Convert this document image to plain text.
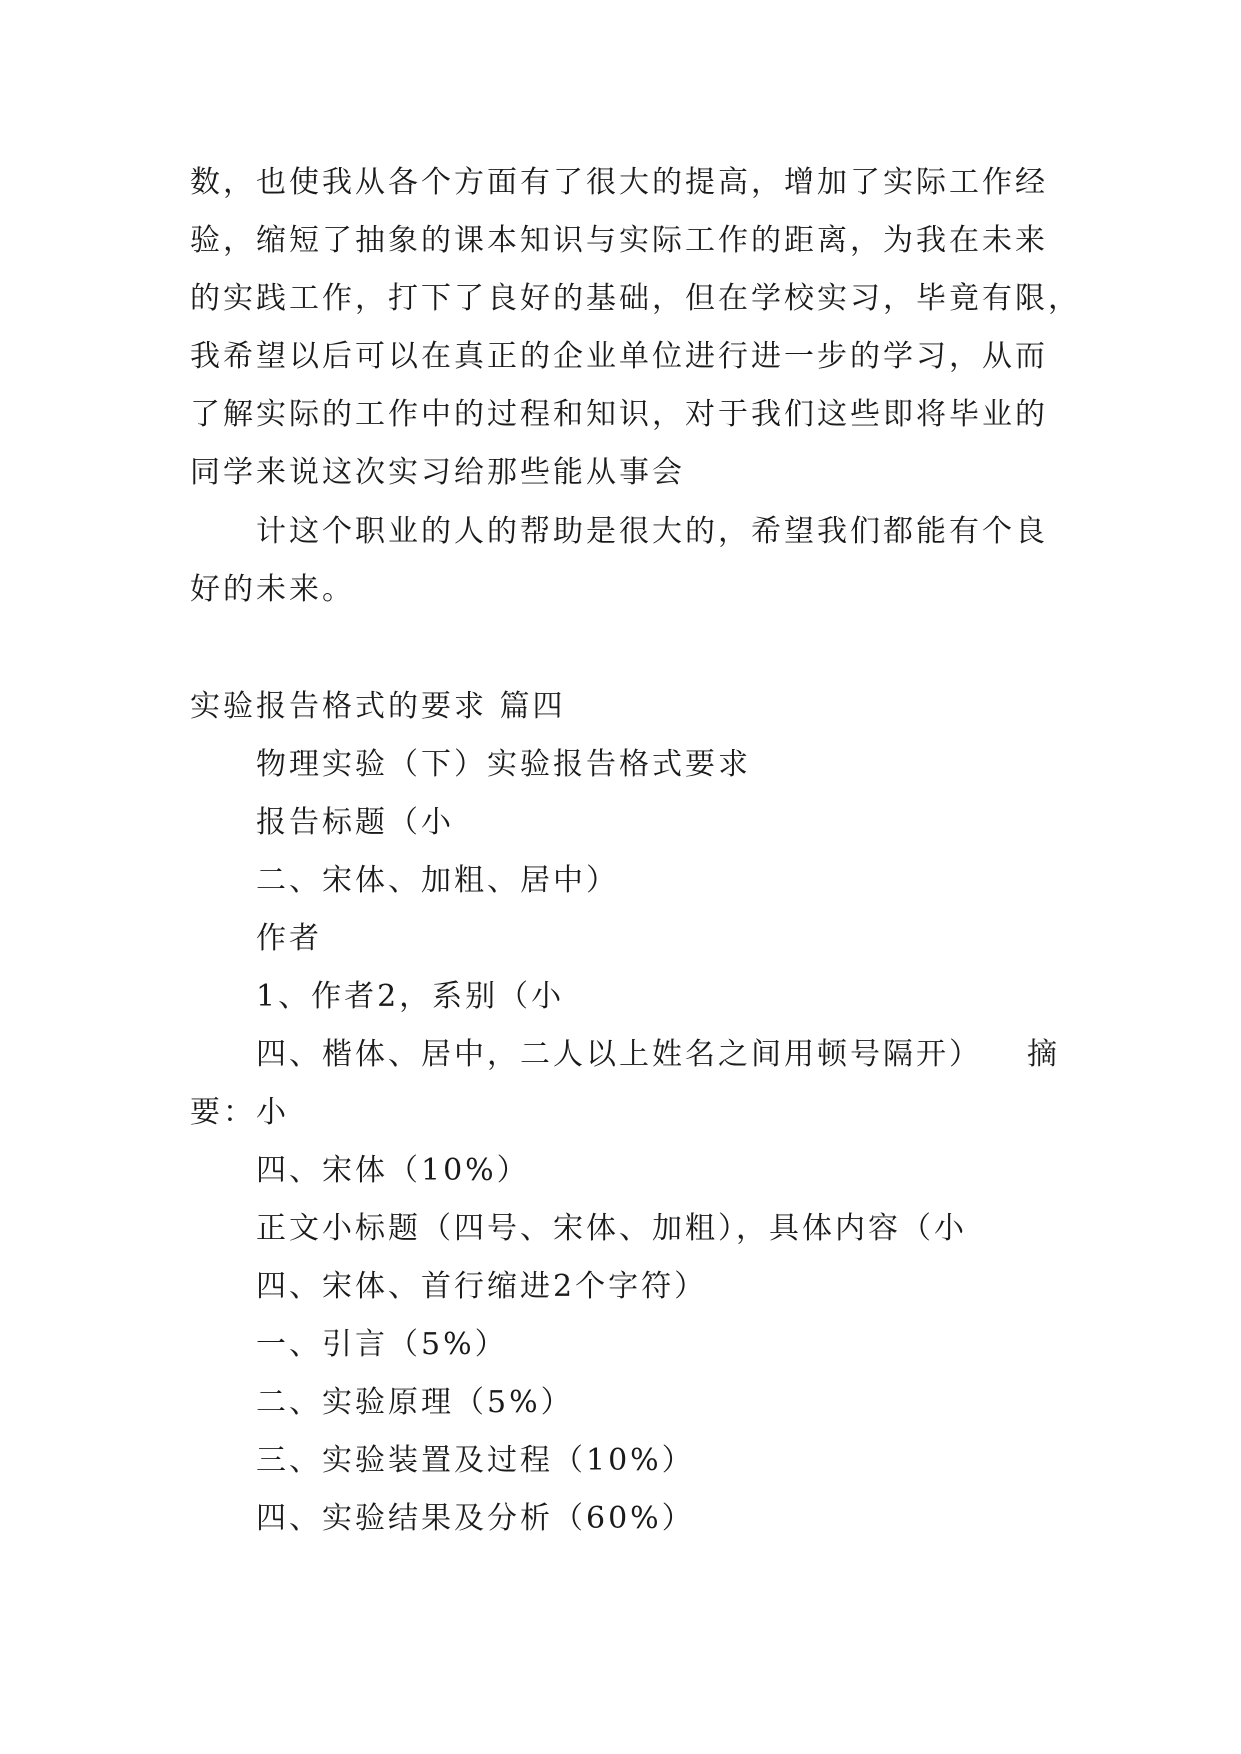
数，也使我从各个方面有了很大的提高，增加了实际工作经
验，缩短了抽象的课本知识与实际工作的距离，为我在未来
的实践工作，打下了良好的基础，但在学校实习，毕竟有限，
我希望以后可以在真正的企业单位进行进一步的学习，从而
了解实际的工作中的过程和知识，对于我们这些即将毕业的
同学来说这次实习给那些能从事会
计这个职业的人的帮助是很大的，希望我们都能有个良
好的未来。
实验报告格式的要求 篇四
物理实验（下）实验报告格式要求
报告标题（小
二、宋体、加粗、居中）
作者
1、作者2，系别（小
四、楷体、居中，二人以上姓名之间用顿号隔开） 摘
要：小
四、宋体（10%）
正文小标题（四号、宋体、加粗），具体内容（小
四、宋体、首行缩进2个字符）
一、引言（5%）
二、实验原理（5%）
三、实验装置及过程（10%）
四、实验结果及分析（60%）
